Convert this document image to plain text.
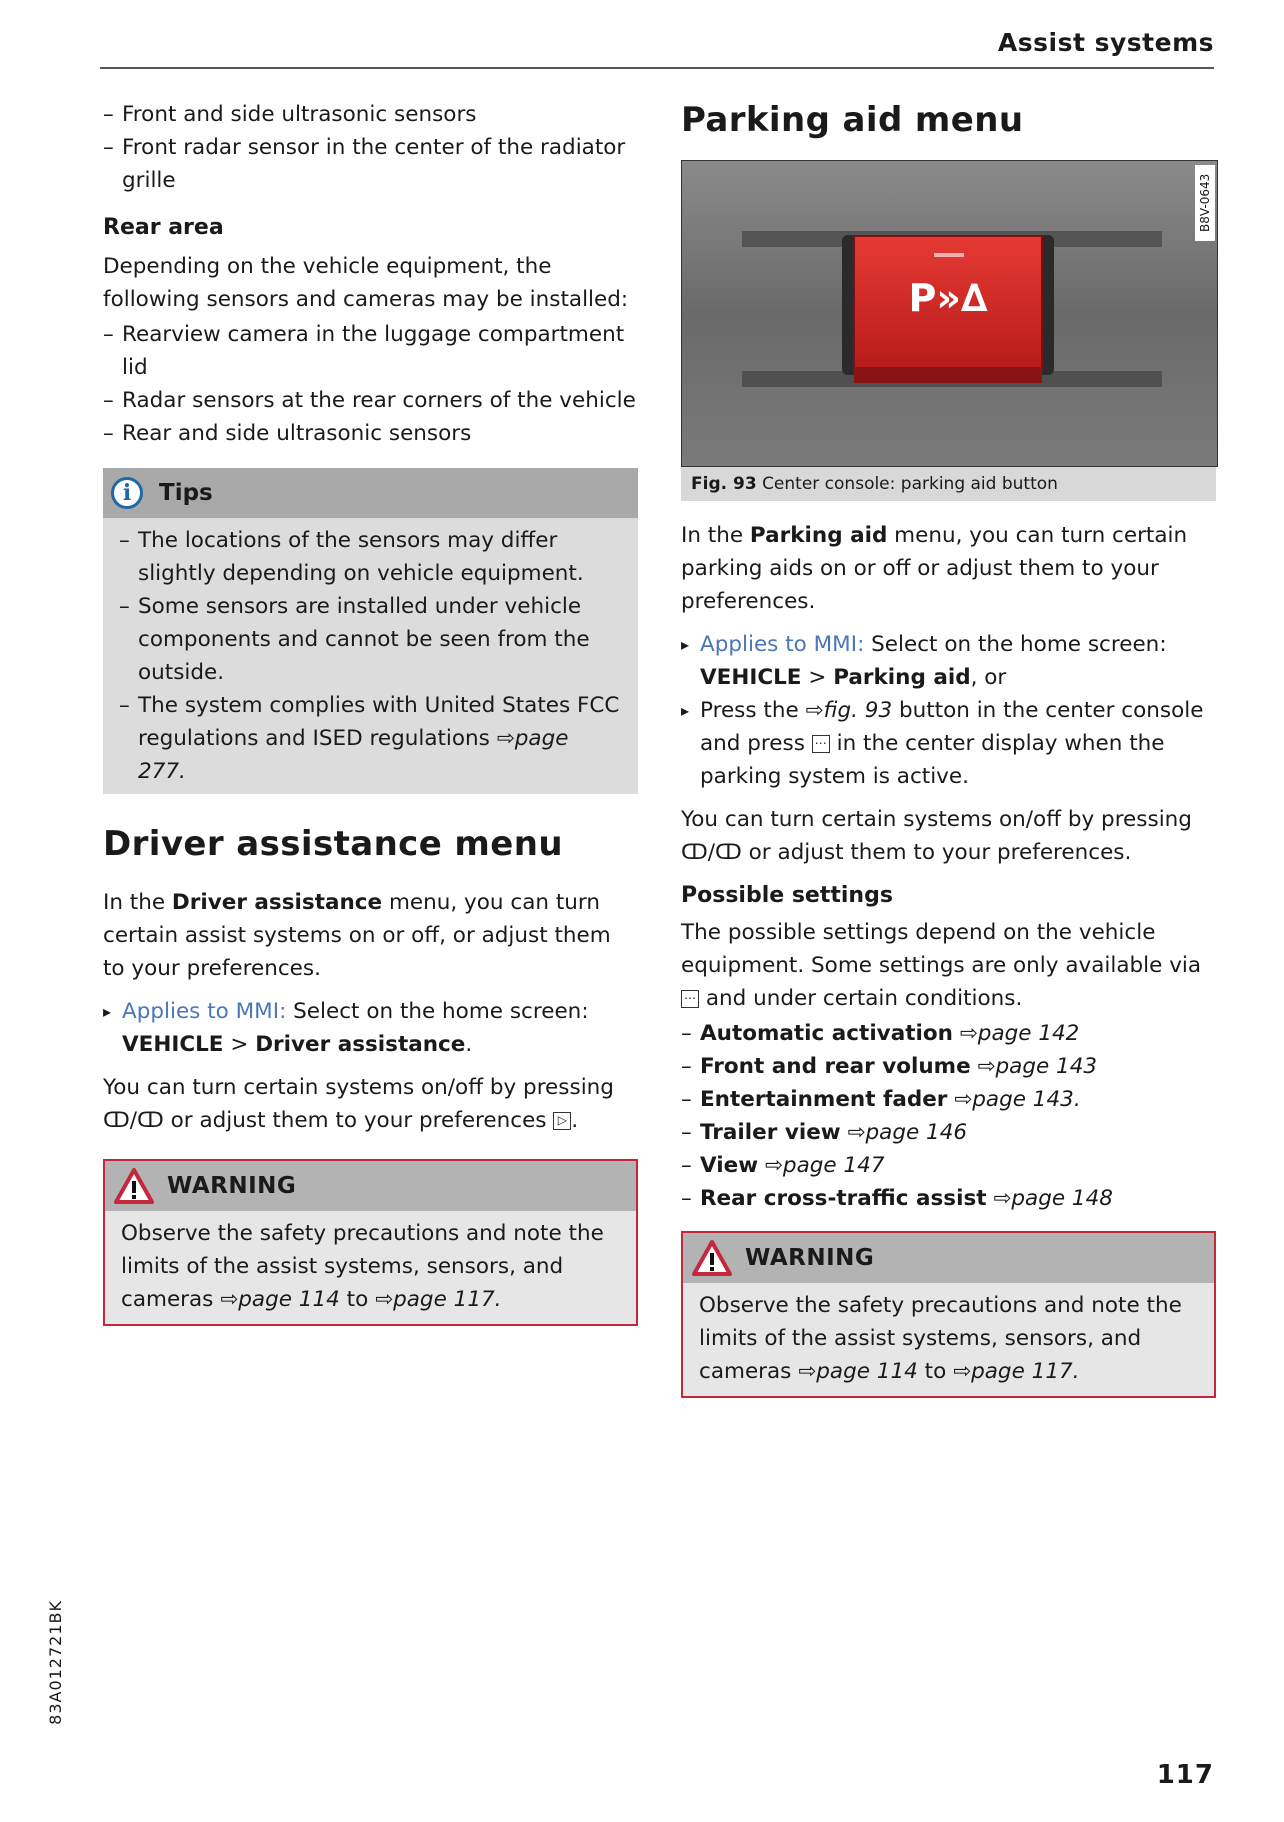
Assist systems

– Front and side ultrasonic sensors

– Front radar sensor in the center of the radiator grille

Rear area

Depending on the vehicle equipment, the following sensors and cameras may be installed:

– Rearview camera in the luggage compartment lid

– Radar sensors at the rear corners of the vehicle

– Rear and side ultrasonic sensors

i	Tips

– The locations of the sensors may differ slightly depending on vehicle equipment.

– Some sensors are installed under vehicle components and cannot be seen from the outside.

– The system complies with United States FCC regulations and ISED regulations ⇨page 277.

Driver assistance menu

In the Driver assistance menu, you can turn certain assist systems on or off, or adjust them to your preferences.

▸ Applies to MMI: Select on the home screen: VEHICLE > Driver assistance.

You can turn certain systems on/off by pressing ↀ/ↀ or adjust them to your preferences ▷ .

WARNING

Observe the safety precautions and note the limits of the assist systems, sensors, and cameras ⇨page 114 to ⇨page 117.

Parking aid menu

P»∆
B8V-0643
Fig. 93 Center console: parking aid button

In the Parking aid menu, you can turn certain parking aids on or off or adjust them to your preferences.

▸ Applies to MMI: Select on the home screen: VEHICLE > Parking aid, or

▸ Press the ⇨fig. 93 button in the center console and press ⋯ in the center display when the parking system is active.

You can turn certain systems on/off by pressing ↀ/ↀ or adjust them to your preferences.

Possible settings

The possible settings depend on the vehicle equipment. Some settings are only available via ⋯ and under certain conditions.

– Automatic activation ⇨page 142

– Front and rear volume ⇨page 143

– Entertainment fader ⇨page 143.

– Trailer view ⇨page 146

– View ⇨page 147

– Rear cross-traffic assist ⇨page 148

WARNING

Observe the safety precautions and note the limits of the assist systems, sensors, and cameras ⇨page 114 to ⇨page 117.

83A012721BK
117
